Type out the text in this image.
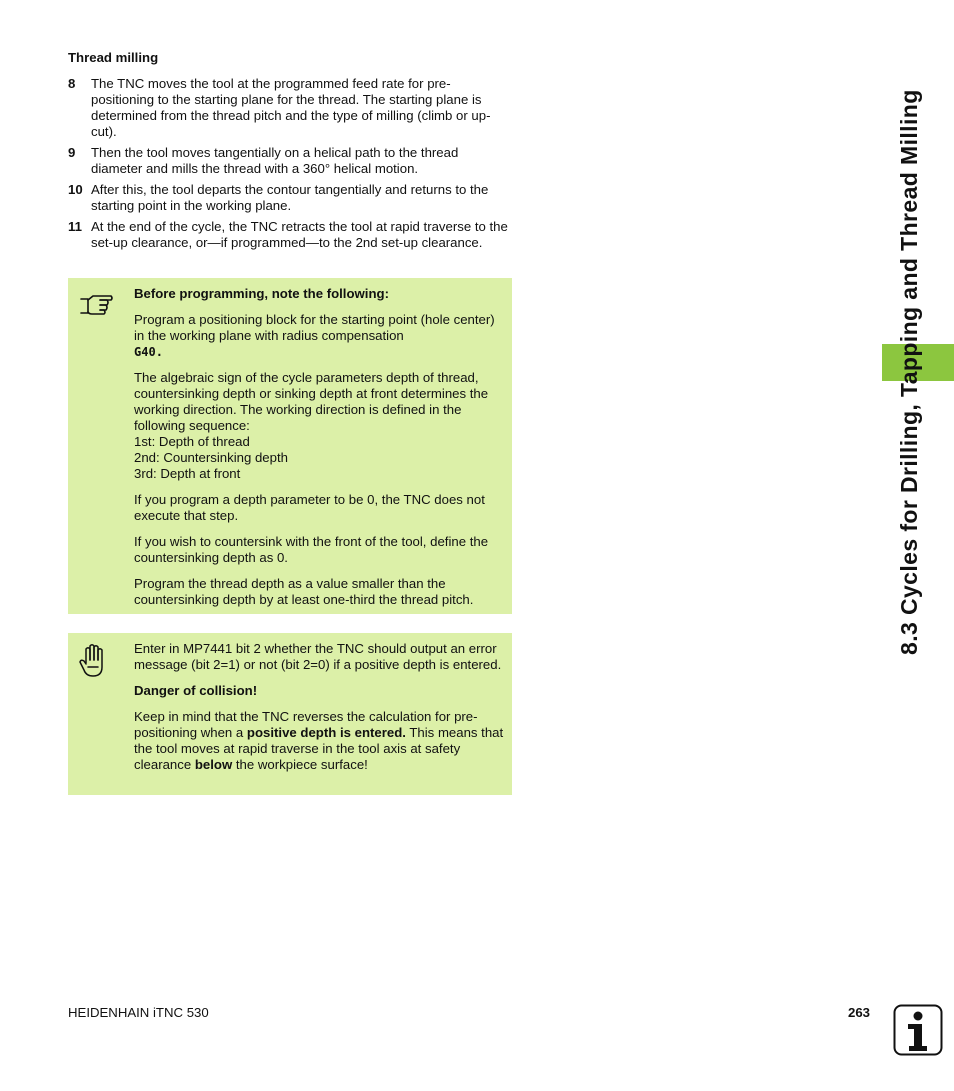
Thread milling
8	The TNC moves the tool at the programmed feed rate for pre-positioning to the starting plane for the thread. The starting plane is determined from the thread pitch and the type of milling (climb or up-cut).
9	Then the tool moves tangentially on a helical path to the thread diameter and mills the thread with a 360° helical motion.
10 After this, the tool departs the contour tangentially and returns to the starting point in the working plane.
11 At the end of the cycle, the TNC retracts the tool at rapid traverse to the set-up clearance, or—if programmed—to the 2nd set-up clearance.

Before programming, note the following:

Program a positioning block for the starting point (hole center) in the working plane with radius compensation
G40.

The algebraic sign of the cycle parameters depth of thread, countersinking depth or sinking depth at front determines the working direction. The working direction is defined in the following sequence:
1st: Depth of thread
2nd: Countersinking depth
3rd: Depth at front

If you program a depth parameter to be 0, the TNC does not execute that step.

If you wish to countersink with the front of the tool, define the countersinking depth as 0.

Program the thread depth as a value smaller than the countersinking depth by at least one-third the thread pitch.

Enter in MP7441 bit 2 whether the TNC should output an error message (bit 2=1) or not (bit 2=0) if a positive depth is entered.

Danger of collision!

Keep in mind that the TNC reverses the calculation for pre-positioning when a positive depth is entered. This means that the tool moves at rapid traverse in the tool axis at safety clearance below the workpiece surface!

8.3 Cycles for Drilling, Tapping and Thread Milling
HEIDENHAIN iTNC 530	263
